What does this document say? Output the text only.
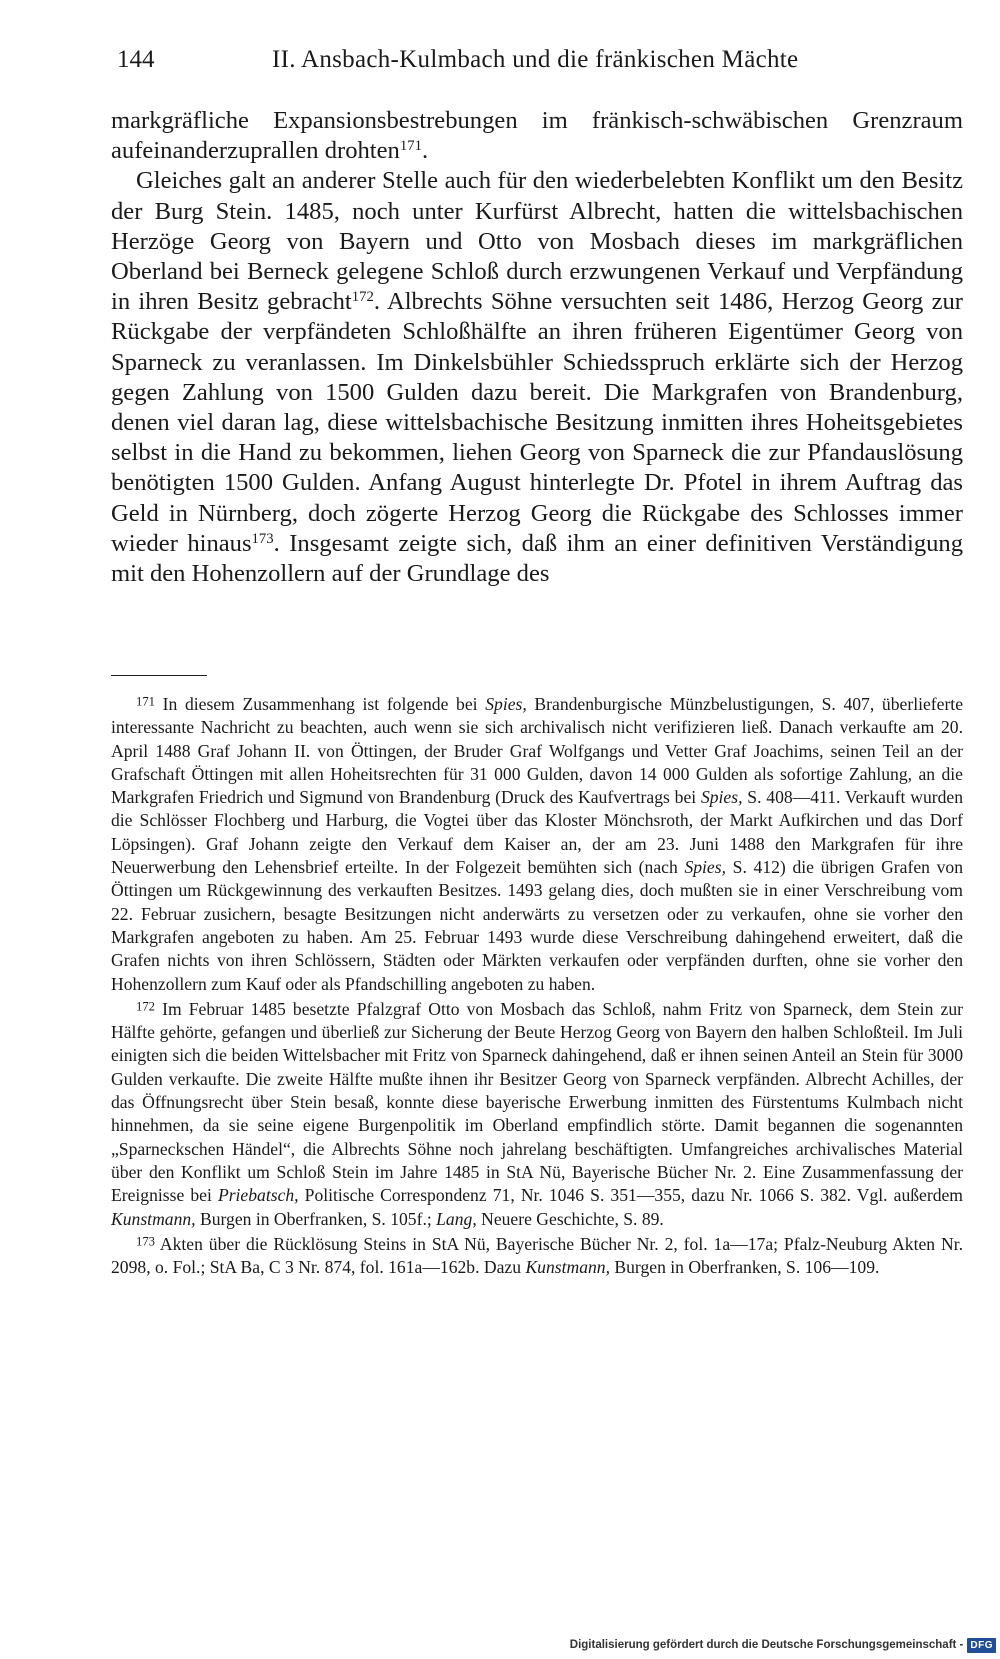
144	II. Ansbach-Kulmbach und die fränkischen Mächte

markgräfliche Expansionsbestrebungen im fränkisch-schwäbischen Grenzraum aufeinanderzuprallen drohten$^{171}$.

Gleiches galt an anderer Stelle auch für den wiederbelebten Konflikt um den Besitz der Burg Stein. 1485, noch unter Kurfürst Albrecht, hatten die wittelsbachischen Herzöge Georg von Bayern und Otto von Mosbach dieses im markgräflichen Oberland bei Berneck gelegene Schloß durch erzwungenen Verkauf und Verpfändung in ihren Besitz gebracht$^{172}$. Albrechts Söhne versuchten seit 1486, Herzog Georg zur Rückgabe der verpfändeten Schloßhälfte an ihren früheren Eigentümer Georg von Sparneck zu veranlassen. Im Dinkelsbühler Schiedsspruch erklärte sich der Herzog gegen Zahlung von 1500 Gulden dazu bereit. Die Markgrafen von Brandenburg, denen viel daran lag, diese wittelsbachische Besitzung inmitten ihres Hoheitsgebietes selbst in die Hand zu bekommen, liehen Georg von Sparneck die zur Pfandauslösung benötigten 1500 Gulden. Anfang August hinterlegte Dr. Pfotel in ihrem Auftrag das Geld in Nürnberg, doch zögerte Herzog Georg die Rückgabe des Schlosses immer wieder hinaus$^{173}$. Insgesamt zeigte sich, daß ihm an einer definitiven Verständigung mit den Hohenzollern auf der Grundlage des

$^{171}$ In diesem Zusammenhang ist folgende bei Spies, Brandenburgische Münzbelustigungen, S. 407, überlieferte interessante Nachricht zu beachten, auch wenn sie sich archivalisch nicht verifizieren ließ. Danach verkaufte am 20. April 1488 Graf Johann II. von Öttingen, der Bruder Graf Wolfgangs und Vetter Graf Joachims, seinen Teil an der Grafschaft Öttingen mit allen Hoheitsrechten für 31 000 Gulden, davon 14 000 Gulden als sofortige Zahlung, an die Markgrafen Friedrich und Sigmund von Brandenburg (Druck des Kaufvertrags bei Spies, S. 408—411. Verkauft wurden die Schlösser Flochberg und Harburg, die Vogtei über das Kloster Mönchsroth, der Markt Aufkirchen und das Dorf Löpsingen). Graf Johann zeigte den Verkauf dem Kaiser an, der am 23. Juni 1488 den Markgrafen für ihre Neuerwerbung den Lehensbrief erteilte. In der Folgezeit bemühten sich (nach Spies, S. 412) die übrigen Grafen von Öttingen um Rückgewinnung des verkauften Besitzes. 1493 gelang dies, doch mußten sie in einer Verschreibung vom 22. Februar zusichern, besagte Besitzungen nicht anderwärts zu versetzen oder zu verkaufen, ohne sie vorher den Markgrafen angeboten zu haben. Am 25. Februar 1493 wurde diese Verschreibung dahingehend erweitert, daß die Grafen nichts von ihren Schlössern, Städten oder Märkten verkaufen oder verpfänden durften, ohne sie vorher den Hohenzollern zum Kauf oder als Pfandschilling angeboten zu haben.

$^{172}$ Im Februar 1485 besetzte Pfalzgraf Otto von Mosbach das Schloß, nahm Fritz von Sparneck, dem Stein zur Hälfte gehörte, gefangen und überließ zur Sicherung der Beute Herzog Georg von Bayern den halben Schloßteil. Im Juli einigten sich die beiden Wittelsbacher mit Fritz von Sparneck dahingehend, daß er ihnen seinen Anteil an Stein für 3000 Gulden verkaufte. Die zweite Hälfte mußte ihnen ihr Besitzer Georg von Sparneck verpfänden. Albrecht Achilles, der das Öffnungsrecht über Stein besaß, konnte diese bayerische Erwerbung inmitten des Fürstentums Kulmbach nicht hinnehmen, da sie seine eigene Burgenpolitik im Oberland empfindlich störte. Damit begannen die sogenannten „Sparneckschen Händel“, die Albrechts Söhne noch jahrelang beschäftigten. Umfangreiches archivalisches Material über den Konflikt um Schloß Stein im Jahre 1485 in StA Nü, Bayerische Bücher Nr. 2. Eine Zusammenfassung der Ereignisse bei Priebatsch, Politische Correspondenz 71, Nr. 1046 S. 351—355, dazu Nr. 1066 S. 382. Vgl. außerdem Kunstmann, Burgen in Oberfranken, S. 105f.; Lang, Neuere Geschichte, S. 89.

$^{173}$ Akten über die Rücklösung Steins in StA Nü, Bayerische Bücher Nr. 2, fol. 1a—17a; Pfalz-Neuburg Akten Nr. 2098, o. Fol.; StA Ba, C 3 Nr. 874, fol. 161a—162b. Dazu Kunstmann, Burgen in Oberfranken, S. 106—109.

Digitalisierung gefördert durch die Deutsche Forschungsgemeinschaft - DFG
